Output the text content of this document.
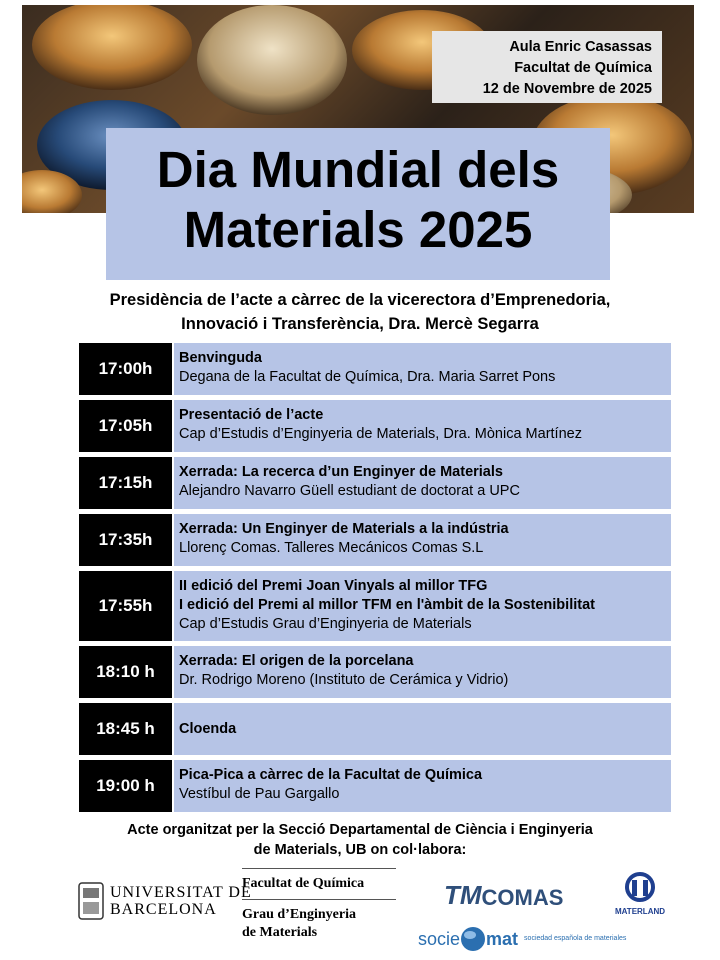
Aula Enric Casassas
Facultat de Química
12 de Novembre de 2025
Dia Mundial dels
Materials 2025
Presidència de l’acte a càrrec de la vicerectora d’Emprenedoria,
Innovació i Transferència, Dra. Mercè Segarra
17:00h
Benvinguda
Degana de la Facultat de Química, Dra. Maria Sarret Pons
17:05h
Presentació de l’acte
Cap d’Estudis d’Enginyeria de Materials, Dra. Mònica Martínez
17:15h
Xerrada: La recerca d’un Enginyer de Materials
Alejandro Navarro Güell estudiant de doctorat a UPC
17:35h
Xerrada: Un Enginyer de Materials a la indústria
Llorenç Comas. Talleres Mecánicos Comas S.L
17:55h
II edició del Premi Joan Vinyals al millor TFG
I edició del Premi al millor TFM en l'àmbit de la Sostenibilitat
Cap d’Estudis Grau d’Enginyeria de Materials
18:10 h
Xerrada: El origen de la porcelana
Dr. Rodrigo Moreno (Instituto de Cerámica y Vidrio)
18:45 h	Cloenda
19:00 h
Pica-Pica a càrrec de la Facultat de Química
Vestíbul de Pau Gargallo
Acte organitzat per la Secció Departamental de Ciència i Enginyeria
de Materials, UB on col·labora:
UNIVERSITAT DE
BARCELONA
Facultat de Química
Grau d’Enginyeria
de Materials
TM COMAS
MATERLAND
socie mat sociedad española de materiales
